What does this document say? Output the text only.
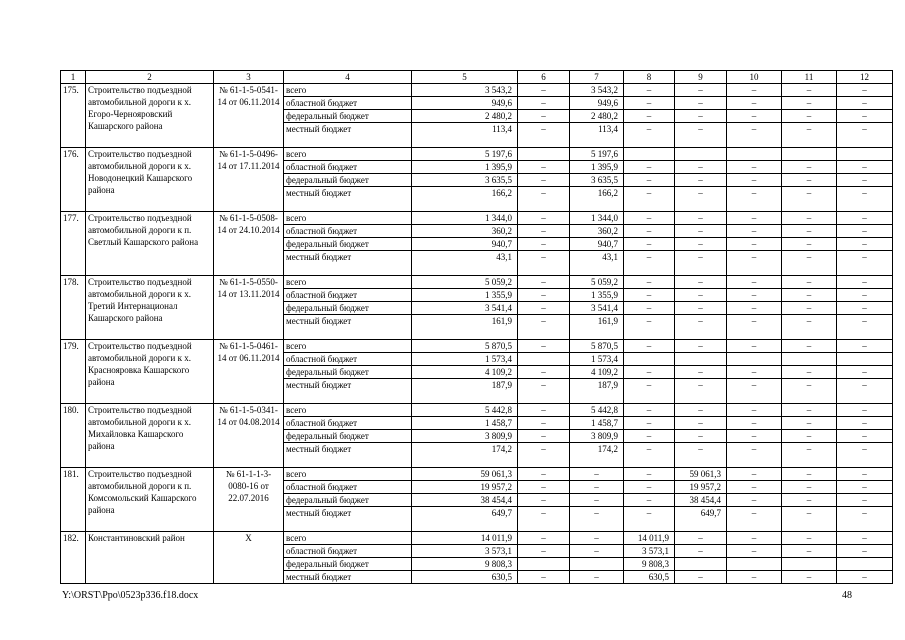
1	2	3	4	5	6	7	8	9	10	11	12
175.	Строительство подъездной автомобильной дороги к х. Егоро-Чернояровский Кашарского района	№ 61-1-5-0541-14 от 06.11.2014	всего	3 543,2	–	3 543,2	–	–	–	–	–
			областной бюджет	949,6	–	949,6	–	–	–	–	–
			федеральный бюджет	2 480,2	–	2 480,2	–	–	–	–	–
			местный бюджет	113,4	–	113,4	–	–	–	–	–
176.	Строительство подъездной автомобильной дороги к х. Новодонецкий Кашарского района	№ 61-1-5-0496-14 от 17.11.2014	всего	5 197,6		5 197,6					
			областной бюджет	1 395,9	–	1 395,9	–	–	–	–	–
			федеральный бюджет	3 635,5	–	3 635,5	–	–	–	–	–
			местный бюджет	166,2	–	166,2	–	–	–	–	–
177.	Строительство подъездной автомобильной дороги к п. Светлый Кашарского района	№ 61-1-5-0508-14 от 24.10.2014	всего	1 344,0	–	1 344,0	–	–	–	–	–
			областной бюджет	360,2	–	360,2	–	–	–	–	–
			федеральный бюджет	940,7	–	940,7	–	–	–	–	–
			местный бюджет	43,1	–	43,1	–	–	–	–	–
178.	Строительство подъездной автомобильной дороги к х. Третий Интернационал Кашарского района	№ 61-1-5-0550-14 от 13.11.2014	всего	5 059,2	–	5 059,2	–	–	–	–	–
			областной бюджет	1 355,9	–	1 355,9	–	–	–	–	–
			федеральный бюджет	3 541,4	–	3 541,4	–	–	–	–	–
			местный бюджет	161,9	–	161,9	–	–	–	–	–
179.	Строительство подъездной автомобильной дороги к х. Краснояровка Кашарского района	№ 61-1-5-0461-14 от 06.11.2014	всего	5 870,5	–	5 870,5	–	–	–	–	–
			областной бюджет	1 573,4		1 573,4					
			федеральный бюджет	4 109,2	–	4 109,2	–	–	–	–	–
			местный бюджет	187,9	–	187,9	–	–	–	–	–
180.	Строительство подъездной автомобильной дороги к х. Михайловка Кашарского района	№ 61-1-5-0341-14 от 04.08.2014	всего	5 442,8	–	5 442,8	–	–	–	–	–
			областной бюджет	1 458,7	–	1 458,7	–	–	–	–	–
			федеральный бюджет	3 809,9	–	3 809,9	–	–	–	–	–
			местный бюджет	174,2	–	174,2	–	–	–	–	–
181.	Строительство подъездной автомобильной дороги к п. Комсомольский Кашарского района	№ 61-1-1-3-0080-16 от 22.07.2016	всего	59 061,3	–	–	–	59 061,3	–	–	–
			областной бюджет	19 957,2	–	–	–	19 957,2	–	–	–
			федеральный бюджет	38 454,4	–	–	–	38 454,4	–	–	–
			местный бюджет	649,7	–	–	–	649,7	–	–	–
182.	Константиновский район	Х	всего	14 011,9	–	–	14 011,9	–	–	–	–
			областной бюджет	3 573,1	–	–	3 573,1	–	–	–	–
			федеральный бюджет	9 808,3			9 808,3				
			местный бюджет	630,5	–	–	630,5	–	–	–	–
Y:\ORST\Ppo\0523p336.f18.docx	48
